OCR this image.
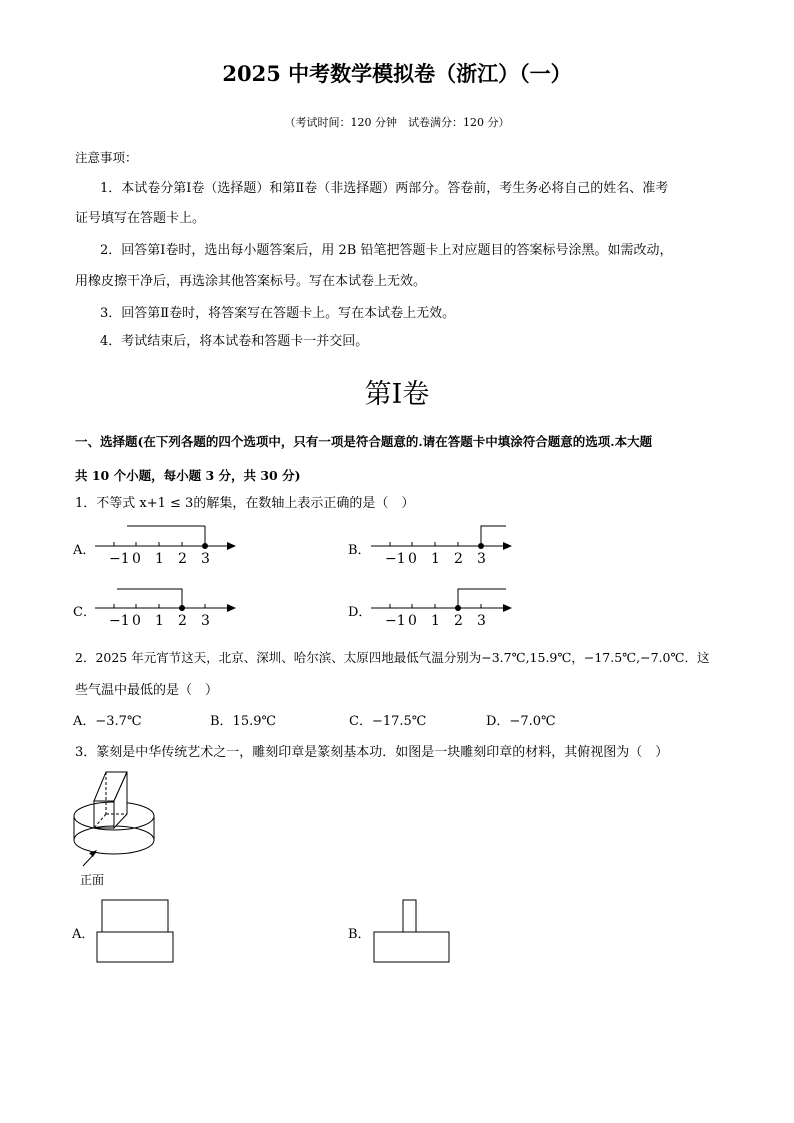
2025 中考数学模拟卷（浙江）（一）
（考试时间：120 分钟　试卷满分：120 分）
注意事项：
1．本试卷分第Ⅰ卷（选择题）和第Ⅱ卷（非选择题）两部分。答卷前，考生务必将自己的姓名、准考
证号填写在答题卡上。
2．回答第Ⅰ卷时，选出每小题答案后，用 2B 铅笔把答题卡上对应题目的答案标号涂黑。如需改动，
用橡皮擦干净后，再选涂其他答案标号。写在本试卷上无效。
3．回答第Ⅱ卷时，将答案写在答题卡上。写在本试卷上无效。
4．考试结束后，将本试卷和答题卡一并交回。
第Ⅰ卷
一、选择题(在下列各题的四个选项中，只有一项是符合题意的.请在答题卡中填涂符合题意的选项.本大题
共 10 个小题，每小题 3 分，共 30 分)
1．不等式 x+1 ≤ 3的解集，在数轴上表示正确的是（　）
A．	B．
C．	D．
−1 0 1 2 3	−1 0 1 2 3
−1 0 1 2 3	−1 0 1 2 3
2．2025 年元宵节这天，北京、深圳、哈尔滨、太原四地最低气温分别为−3.7℃,15.9℃，−17.5℃,−7.0℃．这
些气温中最低的是（　）
A．−3.7℃	B．15.9℃	C．−17.5℃	D．−7.0℃
3．篆刻是中华传统艺术之一，雕刻印章是篆刻基本功．如图是一块雕刻印章的材料，其俯视图为（　）
正面
A．	B．
